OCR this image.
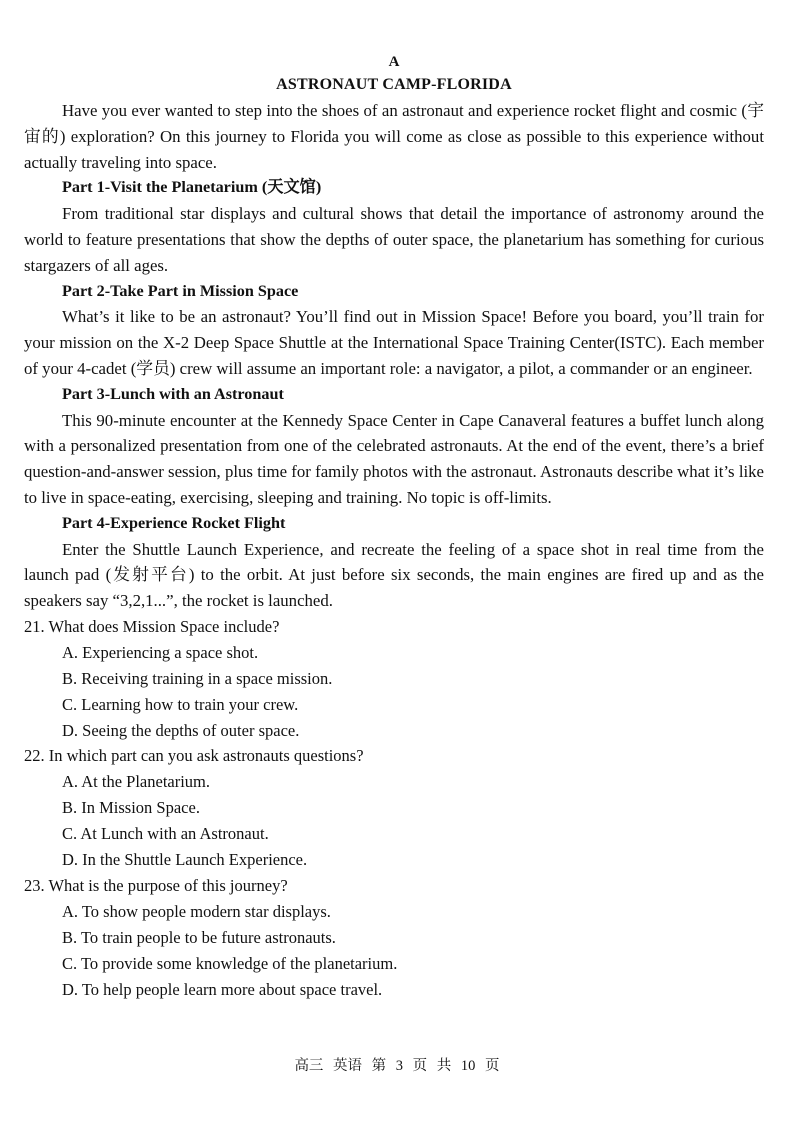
A
ASTRONAUT CAMP-FLORIDA

Have you ever wanted to step into the shoes of an astronaut and experience rocket flight and cosmic (宇宙的) exploration? On this journey to Florida you will come as close as possible to this experience without actually traveling into space.

Part 1-Visit the Planetarium (天文馆)

From traditional star displays and cultural shows that detail the importance of astronomy around the world to feature presentations that show the depths of outer space, the planetarium has something for curious stargazers of all ages.

Part 2-Take Part in Mission Space

What’s it like to be an astronaut? You’ll find out in Mission Space! Before you board, you’ll train for your mission on the X-2 Deep Space Shuttle at the International Space Training Center(ISTC). Each member of your 4-cadet (学员) crew will assume an important role: a navigator, a pilot, a commander or an engineer.

Part 3-Lunch with an Astronaut

This 90-minute encounter at the Kennedy Space Center in Cape Canaveral features a buffet lunch along with a personalized presentation from one of the celebrated astronauts. At the end of the event, there’s a brief question-and-answer session, plus time for family photos with the astronaut. Astronauts describe what it’s like to live in space-eating, exercising, sleeping and training. No topic is off-limits.

Part 4-Experience Rocket Flight

Enter the Shuttle Launch Experience, and recreate the feeling of a space shot in real time from the launch pad (发射平台) to the orbit. At just before six seconds, the main engines are fired up and as the speakers say “3,2,1...”, the rocket is launched.

21. What does Mission Space include?

A. Experiencing a space shot.

B. Receiving training in a space mission.

C. Learning how to train your crew.

D. Seeing the depths of outer space.

22. In which part can you ask astronauts questions?

A. At the Planetarium.

B. In Mission Space.

C. At Lunch with an Astronaut.

D. In the Shuttle Launch Experience.

23. What is the purpose of this journey?

A. To show people modern star displays.

B. To train people to be future astronauts.

C. To provide some knowledge of the planetarium.

D. To help people learn more about space travel.

高三 英语 第 3 页 共 10 页
